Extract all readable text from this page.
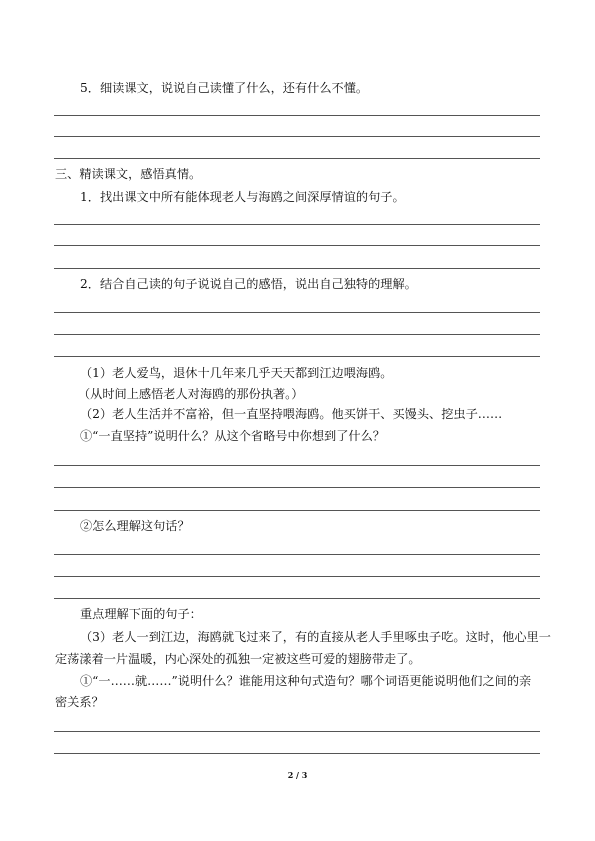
5．细读课文，说说自己读懂了什么，还有什么不懂。
三、精读课文，感悟真情。
1．找出课文中所有能体现老人与海鸥之间深厚情谊的句子。
2．结合自己读的句子说说自己的感悟，说出自己独特的理解。
（1）老人爱鸟，退休十几年来几乎天天都到江边喂海鸥。
（从时间上感悟老人对海鸥的那份执著。）
（2）老人生活并不富裕，但一直坚持喂海鸥。他买饼干、买馒头、挖虫子……
①“一直坚持”说明什么？从这个省略号中你想到了什么？
②怎么理解这句话？
重点理解下面的句子：
（3）老人一到江边，海鸥就飞过来了，有的直接从老人手里啄虫子吃。这时，他心里一
定荡漾着一片温暖，内心深处的孤独一定被这些可爱的翅膀带走了。
①“一……就……”说明什么？谁能用这种句式造句？哪个词语更能说明他们之间的亲
密关系？
2 / 3
